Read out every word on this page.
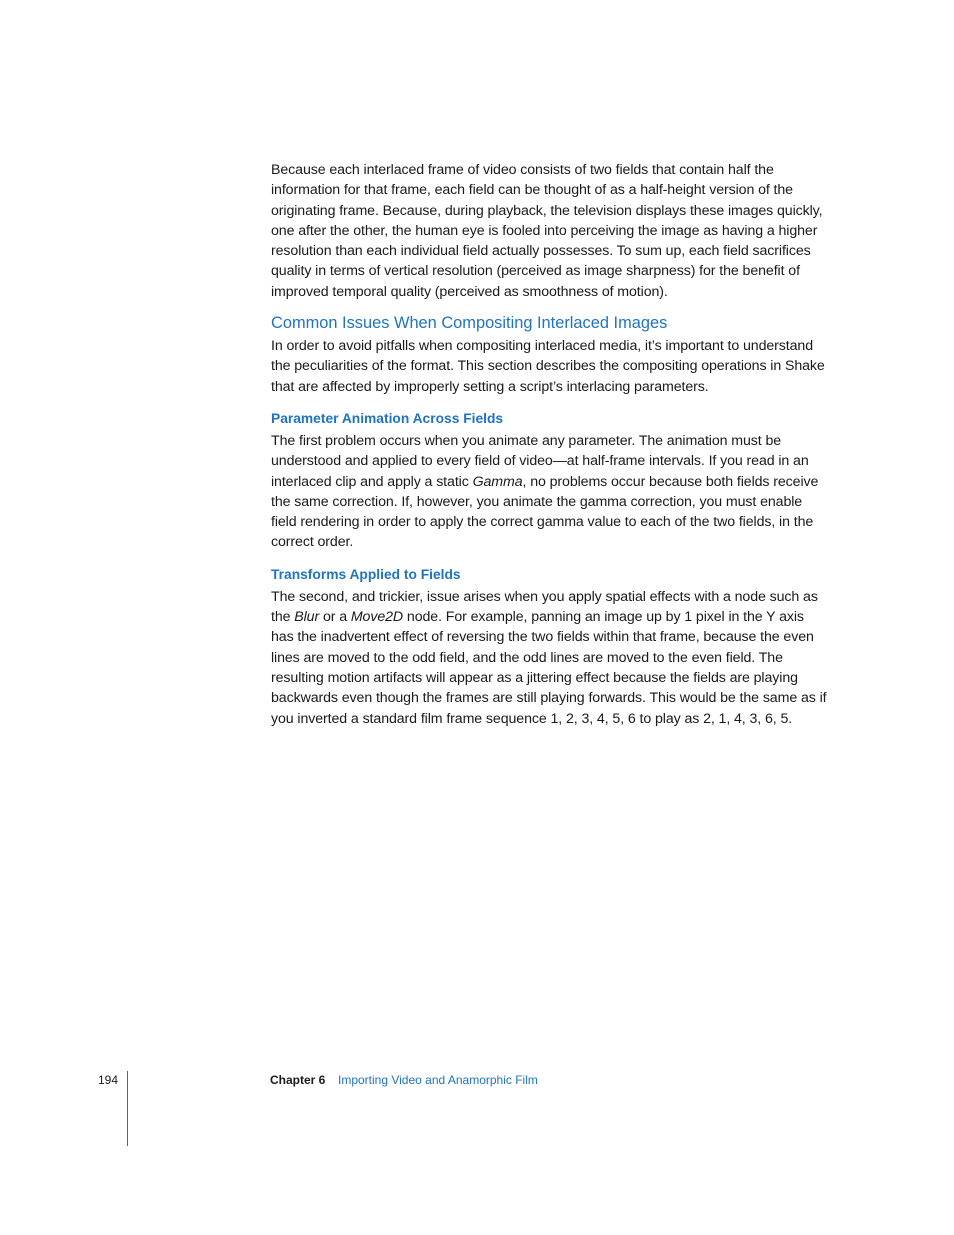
Because each interlaced frame of video consists of two fields that contain half the information for that frame, each field can be thought of as a half-height version of the originating frame. Because, during playback, the television displays these images quickly, one after the other, the human eye is fooled into perceiving the image as having a higher resolution than each individual field actually possesses. To sum up, each field sacrifices quality in terms of vertical resolution (perceived as image sharpness) for the benefit of improved temporal quality (perceived as smoothness of motion).

Common Issues When Compositing Interlaced Images

In order to avoid pitfalls when compositing interlaced media, it’s important to understand the peculiarities of the format. This section describes the compositing operations in Shake that are affected by improperly setting a script’s interlacing parameters.

Parameter Animation Across Fields

The first problem occurs when you animate any parameter. The animation must be understood and applied to every field of video—at half-frame intervals. If you read in an interlaced clip and apply a static Gamma, no problems occur because both fields receive the same correction. If, however, you animate the gamma correction, you must enable field rendering in order to apply the correct gamma value to each of the two fields, in the correct order.

Transforms Applied to Fields

The second, and trickier, issue arises when you apply spatial effects with a node such as the Blur or a Move2D node. For example, panning an image up by 1 pixel in the Y axis has the inadvertent effect of reversing the two fields within that frame, because the even lines are moved to the odd field, and the odd lines are moved to the even field. The resulting motion artifacts will appear as a jittering effect because the fields are playing backwards even though the frames are still playing forwards. This would be the same as if you inverted a standard film frame sequence 1, 2, 3, 4, 5, 6 to play as 2, 1, 4, 3, 6, 5.

194	Chapter 6 Importing Video and Anamorphic Film
